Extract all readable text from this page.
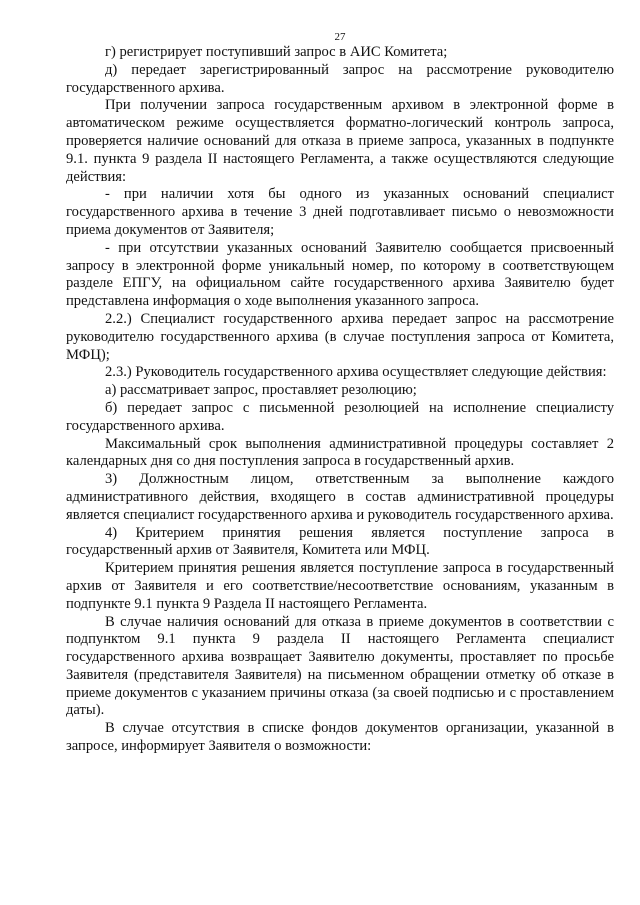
27

г) регистрирует поступивший запрос в АИС Комитета;

д) передает зарегистрированный запрос на рассмотрение руководителю государственного архива.

При получении запроса государственным архивом в электронной форме в автоматическом режиме осуществляется форматно-логический контроль запроса, проверяется наличие оснований для отказа в приеме запроса, указанных в подпункте 9.1. пункта 9 раздела II настоящего Регламента, а также осуществляются следующие действия:

- при наличии хотя бы одного из указанных оснований специалист государственного архива в течение 3 дней подготавливает письмо о невозможности приема документов от Заявителя;

- при отсутствии указанных оснований Заявителю сообщается присвоенный запросу в электронной форме уникальный номер, по которому в соответствующем разделе ЕПГУ, на официальном сайте государственного архива Заявителю будет представлена информация о ходе выполнения указанного запроса.

2.2.) Специалист государственного архива передает запрос на рассмотрение руководителю государственного архива (в случае поступления запроса от Комитета, МФЦ);

2.3.) Руководитель государственного архива осуществляет следующие действия:

а) рассматривает запрос, проставляет резолюцию;

б) передает запрос с письменной резолюцией на исполнение специалисту государственного архива.

Максимальный срок выполнения административной процедуры составляет 2 календарных дня со дня поступления запроса в государственный архив.

3) Должностным лицом, ответственным за выполнение каждого административного действия, входящего в состав административной процедуры является специалист государственного архива и руководитель государственного архива.

4) Критерием принятия решения является поступление запроса в государственный архив от Заявителя, Комитета или МФЦ.

Критерием принятия решения является поступление запроса в государственный архив от Заявителя и его соответствие/несоответствие основаниям, указанным в подпункте 9.1 пункта 9 Раздела II настоящего Регламента.

В случае наличия оснований для отказа в приеме документов в соответствии с подпунктом 9.1 пункта 9 раздела II настоящего Регламента специалист государственного архива возвращает Заявителю документы, проставляет по просьбе Заявителя (представителя Заявителя) на письменном обращении отметку об отказе в приеме документов с указанием причины отказа (за своей подписью и с проставлением даты).

В случае отсутствия в списке фондов документов организации, указанной в запросе, информирует Заявителя о возможности:
